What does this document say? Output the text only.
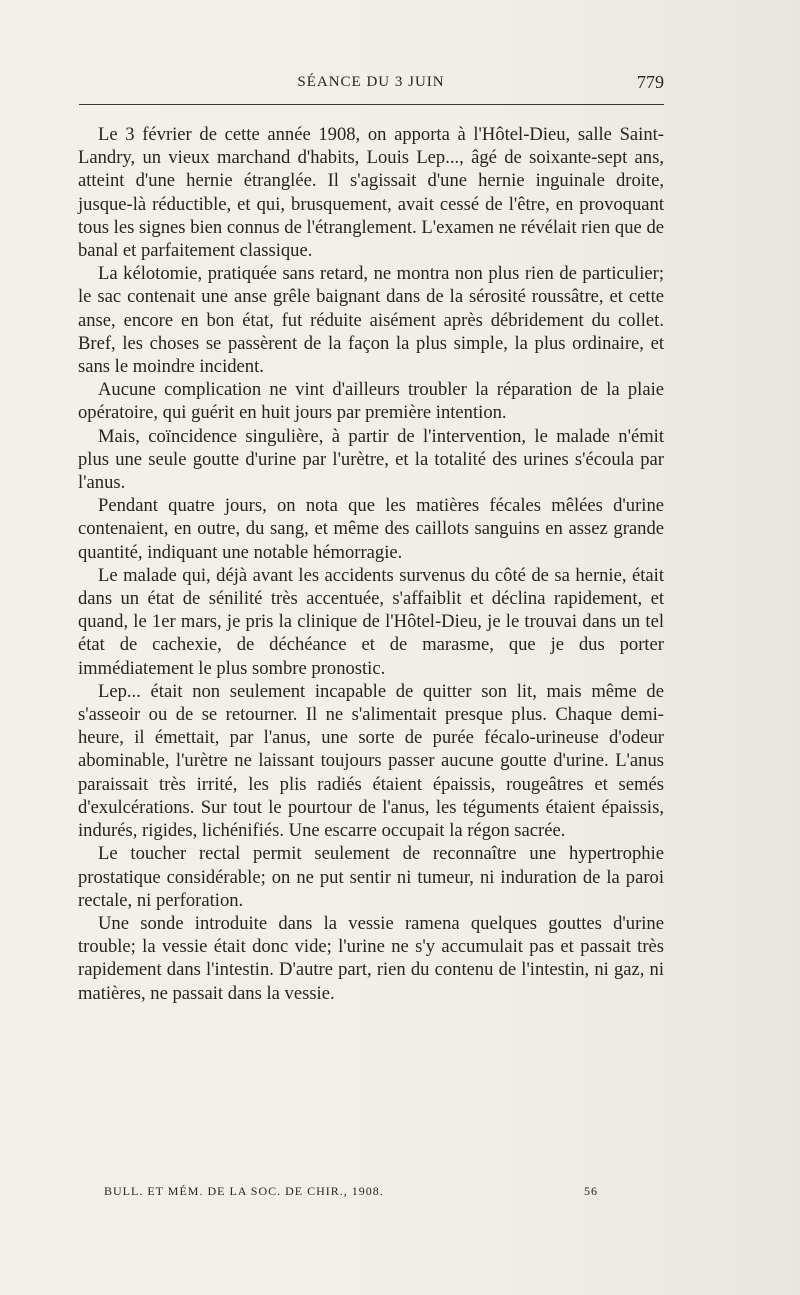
SÉANCE DU 3 JUIN	779

Le 3 février de cette année 1908, on apporta à l'Hôtel-Dieu, salle Saint-Landry, un vieux marchand d'habits, Louis Lep..., âgé de soixante-sept ans, atteint d'une hernie étranglée. Il s'agissait d'une hernie inguinale droite, jusque-là réductible, et qui, brusquement, avait cessé de l'être, en provoquant tous les signes bien connus de l'étranglement. L'examen ne révélait rien que de banal et parfaitement classique.

La kélotomie, pratiquée sans retard, ne montra non plus rien de particulier; le sac contenait une anse grêle baignant dans de la sérosité roussâtre, et cette anse, encore en bon état, fut réduite aisément après débridement du collet. Bref, les choses se passèrent de la façon la plus simple, la plus ordinaire, et sans le moindre incident.

Aucune complication ne vint d'ailleurs troubler la réparation de la plaie opératoire, qui guérit en huit jours par première intention.

Mais, coïncidence singulière, à partir de l'intervention, le malade n'émit plus une seule goutte d'urine par l'urètre, et la totalité des urines s'écoula par l'anus.

Pendant quatre jours, on nota que les matières fécales mêlées d'urine contenaient, en outre, du sang, et même des caillots sanguins en assez grande quantité, indiquant une notable hémorragie.

Le malade qui, déjà avant les accidents survenus du côté de sa hernie, était dans un état de sénilité très accentuée, s'affaiblit et déclina rapidement, et quand, le 1er mars, je pris la clinique de l'Hôtel-Dieu, je le trouvai dans un tel état de cachexie, de déchéance et de marasme, que je dus porter immédiatement le plus sombre pronostic.

Lep... était non seulement incapable de quitter son lit, mais même de s'asseoir ou de se retourner. Il ne s'alimentait presque plus. Chaque demi-heure, il émettait, par l'anus, une sorte de purée fécalo-urineuse d'odeur abominable, l'urètre ne laissant toujours passer aucune goutte d'urine. L'anus paraissait très irrité, les plis radiés étaient épaissis, rougeâtres et semés d'exulcérations. Sur tout le pourtour de l'anus, les téguments étaient épaissis, indurés, rigides, lichénifiés. Une escarre occupait la régon sacrée.

Le toucher rectal permit seulement de reconnaître une hypertrophie prostatique considérable; on ne put sentir ni tumeur, ni induration de la paroi rectale, ni perforation.

Une sonde introduite dans la vessie ramena quelques gouttes d'urine trouble; la vessie était donc vide; l'urine ne s'y accumulait pas et passait très rapidement dans l'intestin. D'autre part, rien du contenu de l'intestin, ni gaz, ni matières, ne passait dans la vessie.

BULL. ET MÉM. DE LA SOC. DE CHIR., 1908.	56
